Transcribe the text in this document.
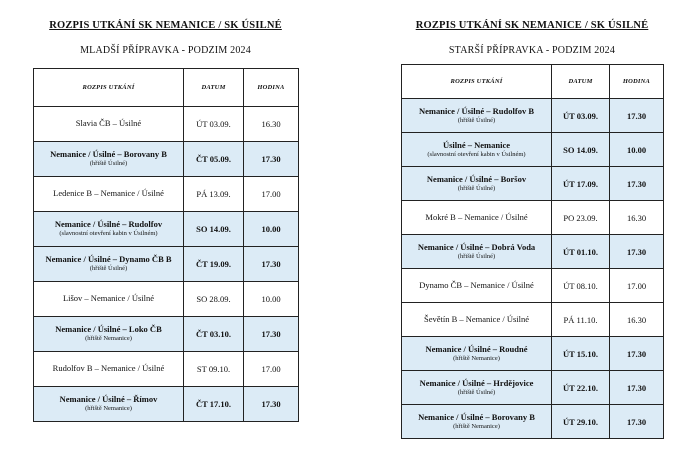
ROZPIS UTKÁNÍ SK NEMANICE / SK ÚSILNÉ
MLADŠÍ PŘÍPRAVKA - PODZIM 2024
ROZPIS UTKÁNÍ	DATUM	HODINA

Slavia ČB – Úsilné	ÚT 03.09.	16.30

Nemanice / Úsilné – Borovany B
(hřiště Úsilné)	ČT 05.09.	17.30

Ledenice B – Nemanice / Úsilné	PÁ 13.09.	17.00

Nemanice / Úsilné – Rudolfov
(slavnostní otevření kabin v Úsilném)	SO 14.09.	10.00

Nemanice / Úsilné – Dynamo ČB B
(hřiště Úsilné)	ČT 19.09.	17.30

Lišov – Nemanice / Úsilné	SO 28.09.	10.00

Nemanice / Úsilné – Loko ČB
(hřiště Nemanice)	ČT 03.10.	17.30

Rudolfov B – Nemanice / Úsilné	ST 09.10.	17.00

Nemanice / Úsilné – Římov
(hřiště Nemanice)	ČT 17.10.	17.30
ROZPIS UTKÁNÍ SK NEMANICE / SK ÚSILNÉ
STARŠÍ PŘÍPRAVKA - PODZIM 2024
ROZPIS UTKÁNÍ	DATUM	HODINA

Nemanice / Úsilné – Rudolfov B
(hřiště Úsilné)	ÚT 03.09.	17.30

Úsilné – Nemanice
(slavnostní otevření kabin v Úsilném)	SO 14.09.	10.00

Nemanice / Úsilné – Boršov
(hřiště Úsilné)	ÚT 17.09.	17.30

Mokré B – Nemanice / Úsilné	PO 23.09.	16.30

Nemanice / Úsilné – Dobrá Voda
(hřiště Úsilné)	ÚT 01.10.	17.30

Dynamo ČB – Nemanice / Úsilné	ÚT 08.10.	17.00

Ševětín B – Nemanice / Úsilné	PÁ 11.10.	16.30

Nemanice / Úsilné – Roudné
(hřiště Nemanice)	ÚT 15.10.	17.30

Nemanice / Úsilné – Hrdějovice
(hřiště Úsilné)	ÚT 22.10.	17.30

Nemanice / Úsilné – Borovany B
(hřiště Nemanice)	ÚT 29.10.	17.30
